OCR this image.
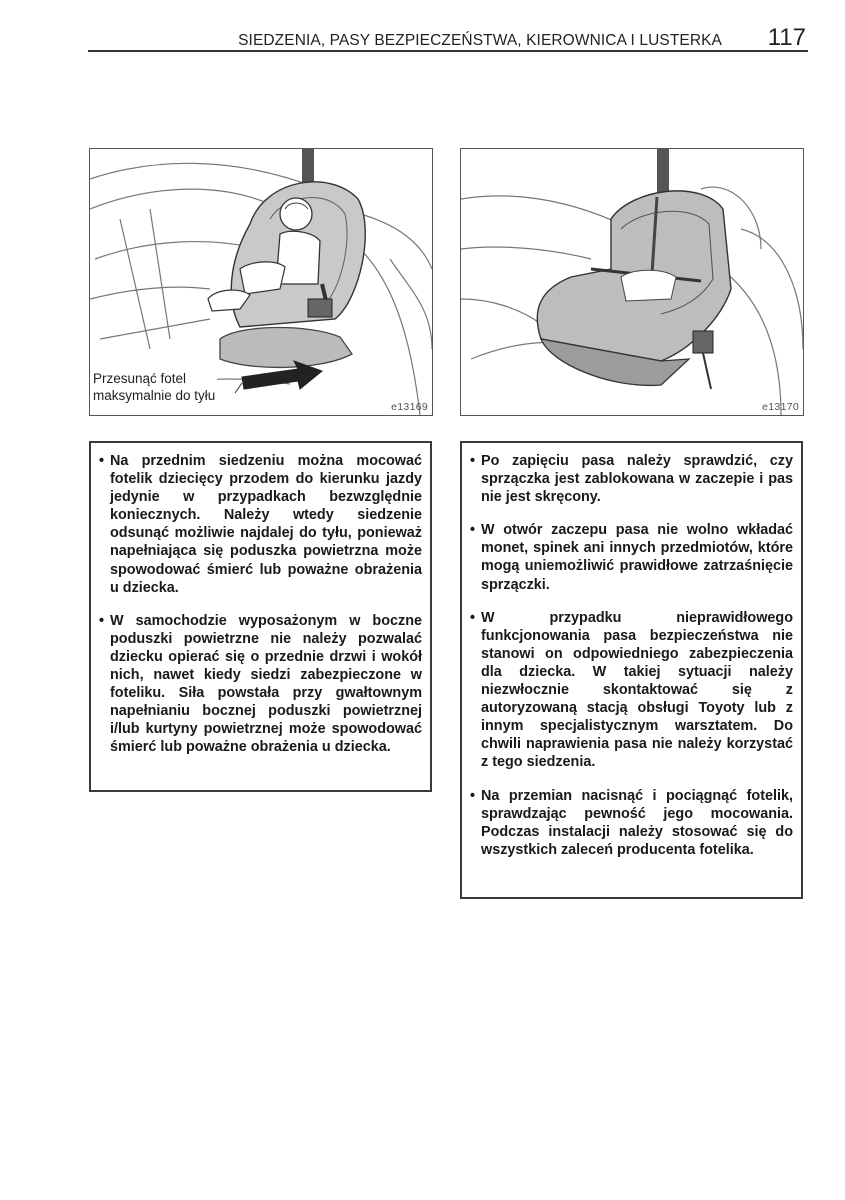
SIEDZENIA, PASY BEZPIECZEŃSTWA, KIEROWNICA I LUSTERKA 117
Przesunąć fotel
maksymalnie do tyłu
e13169	e13170
• Na przednim siedzeniu można mocować fotelik dziecięcy przodem do kierunku jazdy jedynie w przypadkach bezwzględnie koniecznych. Należy wtedy siedzenie odsunąć możliwie najdalej do tyłu, ponieważ napełniająca się poduszka powietrzna może spowodować śmierć lub poważne obrażenia u dziecka.
• W samochodzie wyposażonym w boczne poduszki powietrzne nie należy pozwalać dziecku opierać się o przednie drzwi i wokół nich, nawet kiedy siedzi zabezpieczone w foteliku. Siła powstała przy gwałtownym napełnianiu bocznej poduszki powietrznej i/lub kurtyny powietrznej może spowodować śmierć lub poważne obrażenia u dziecka.
• Po zapięciu pasa należy sprawdzić, czy sprzączka jest zablokowana w zaczepie i pas nie jest skręcony.
• W otwór zaczepu pasa nie wolno wkładać monet, spinek ani innych przedmiotów, które mogą uniemożliwić prawidłowe zatrzaśnięcie sprzączki.
• W przypadku nieprawidłowego funkcjonowania pasa bezpieczeństwa nie stanowi on odpowiedniego zabezpieczenia dla dziecka. W takiej sytuacji należy niezwłocznie skontaktować się z autoryzowaną stacją obsługi Toyoty lub z innym specjalistycznym warsztatem. Do chwili naprawienia pasa nie należy korzystać z tego siedzenia.
• Na przemian nacisnąć i pociągnąć fotelik, sprawdzając pewność jego mocowania. Podczas instalacji należy stosować się do wszystkich zaleceń producenta fotelika.
